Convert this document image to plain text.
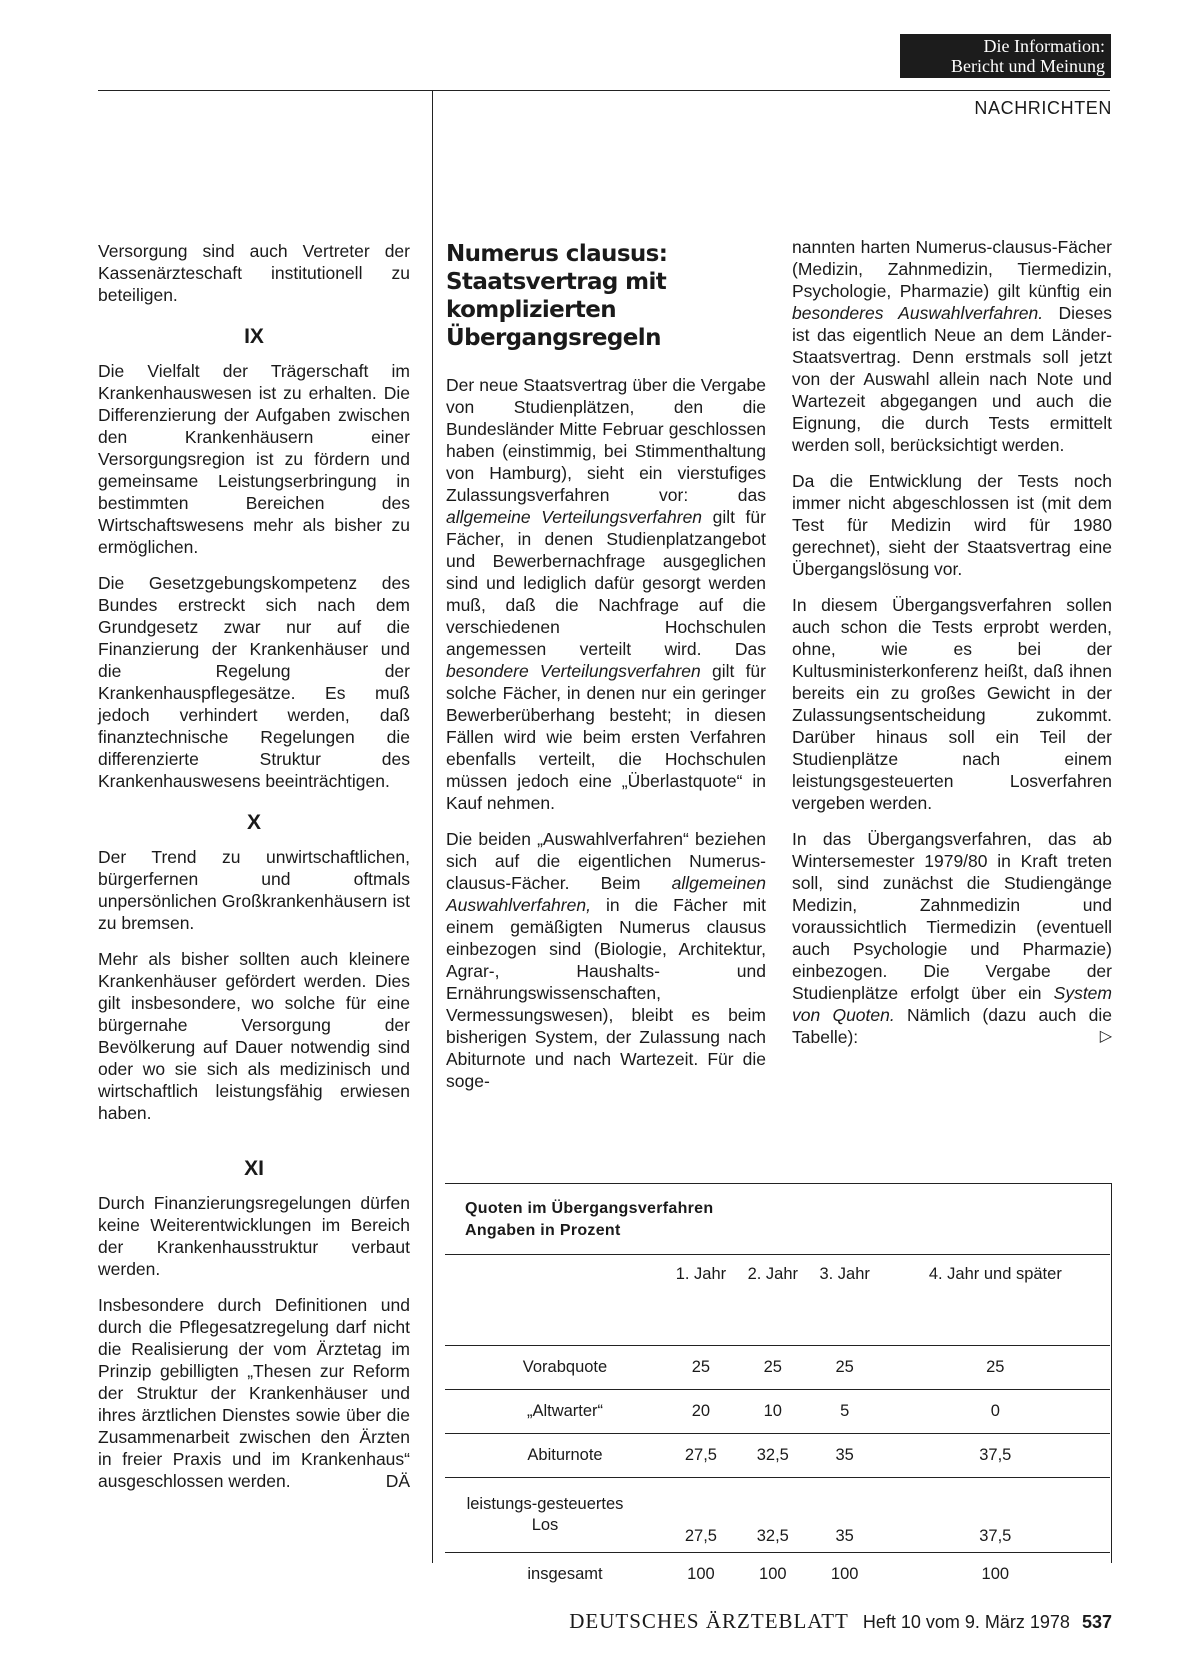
Die Information:
Bericht und Meinung
NACHRICHTEN

Versorgung sind auch Vertreter der Kassenärzteschaft institutionell zu beteiligen.

IX

Die Vielfalt der Trägerschaft im Krankenhauswesen ist zu erhalten. Die Differenzierung der Aufgaben zwischen den Krankenhäusern einer Versorgungsregion ist zu fördern und gemeinsame Leistungserbringung in bestimmten Bereichen des Wirtschaftswesens mehr als bisher zu ermöglichen.

Die Gesetzgebungskompetenz des Bundes erstreckt sich nach dem Grundgesetz zwar nur auf die Finanzierung der Krankenhäuser und die Regelung der Krankenhauspflegesätze. Es muß jedoch verhindert werden, daß finanztechnische Regelungen die differenzierte Struktur des Krankenhauswesens beeinträchtigen.

X

Der Trend zu unwirtschaftlichen, bürgerfernen und oftmals unpersönlichen Großkrankenhäusern ist zu bremsen.

Mehr als bisher sollten auch kleinere Krankenhäuser gefördert werden. Dies gilt insbesondere, wo solche für eine bürgernahe Versorgung der Bevölkerung auf Dauer notwendig sind oder wo sie sich als medizinisch und wirtschaftlich leistungsfähig erwiesen haben.

XI

Durch Finanzierungsregelungen dürfen keine Weiterentwicklungen im Bereich der Krankenhausstruktur verbaut werden.

Insbesondere durch Definitionen und durch die Pflegesatzregelung darf nicht die Realisierung der vom Ärztetag im Prinzip gebilligten „Thesen zur Reform der Struktur der Krankenhäuser und ihres ärztlichen Dienstes sowie über die Zusammenarbeit zwischen den Ärzten in freier Praxis und im Krankenhaus“ ausgeschlossen werden.	DÄ

Numerus clausus:
Staatsvertrag mit
komplizierten
Übergangsregeln

Der neue Staatsvertrag über die Vergabe von Studienplätzen, den die Bundesländer Mitte Februar geschlossen haben (einstimmig, bei Stimmenthaltung von Hamburg), sieht ein vierstufiges Zulassungsverfahren vor: das allgemeine Verteilungsverfahren gilt für Fächer, in denen Studienplatzangebot und Bewerbernachfrage ausgeglichen sind und lediglich dafür gesorgt werden muß, daß die Nachfrage auf die verschiedenen Hochschulen angemessen verteilt wird. Das besondere Verteilungsverfahren gilt für solche Fächer, in denen nur ein geringer Bewerberüberhang besteht; in diesen Fällen wird wie beim ersten Verfahren ebenfalls verteilt, die Hochschulen müssen jedoch eine „Überlastquote“ in Kauf nehmen.

Die beiden „Auswahlverfahren“ beziehen sich auf die eigentlichen Numerus-clausus-Fächer. Beim allgemeinen Auswahlverfahren, in die Fächer mit einem gemäßigten Numerus clausus einbezogen sind (Biologie, Architektur, Agrar-, Haushalts- und Ernährungswissenschaften, Vermessungswesen), bleibt es beim bisherigen System, der Zulassung nach Abiturnote und nach Wartezeit. Für die soge-

nannten harten Numerus-clausus-Fächer (Medizin, Zahnmedizin, Tiermedizin, Psychologie, Pharmazie) gilt künftig ein besonderes Auswahlverfahren. Dieses ist das eigentlich Neue an dem Länder-Staatsvertrag. Denn erstmals soll jetzt von der Auswahl allein nach Note und Wartezeit abgegangen und auch die Eignung, die durch Tests ermittelt werden soll, berücksichtigt werden.

Da die Entwicklung der Tests noch immer nicht abgeschlossen ist (mit dem Test für Medizin wird für 1980 gerechnet), sieht der Staatsvertrag eine Übergangslösung vor.

In diesem Übergangsverfahren sollen auch schon die Tests erprobt werden, ohne, wie es bei der Kultusministerkonferenz heißt, daß ihnen bereits ein zu großes Gewicht in der Zulassungsentscheidung zukommt. Darüber hinaus soll ein Teil der Studienplätze nach einem leistungsgesteuerten Losverfahren vergeben werden.

In das Übergangsverfahren, das ab Wintersemester 1979/80 in Kraft treten soll, sind zunächst die Studiengänge Medizin, Zahnmedizin und voraussichtlich Tiermedizin (eventuell auch Psychologie und Pharmazie) einbezogen. Die Vergabe der Studienplätze erfolgt über ein System von Quoten. Nämlich (dazu auch die Tabelle):	▷

Quoten im Übergangsverfahren
Angaben in Prozent
	1. Jahr	2. Jahr	3. Jahr	4. Jahr und später
Vorabquote	25	25	25	25
„Altwarter“	20	10	5	0
Abiturnote	27,5	32,5	35	37,5
leistungs-gesteuertes Los	27,5	32,5	35	37,5
insgesamt	100	100	100	100
DEUTSCHES ÄRZTEBLATT Heft 10 vom 9. März 1978 537
